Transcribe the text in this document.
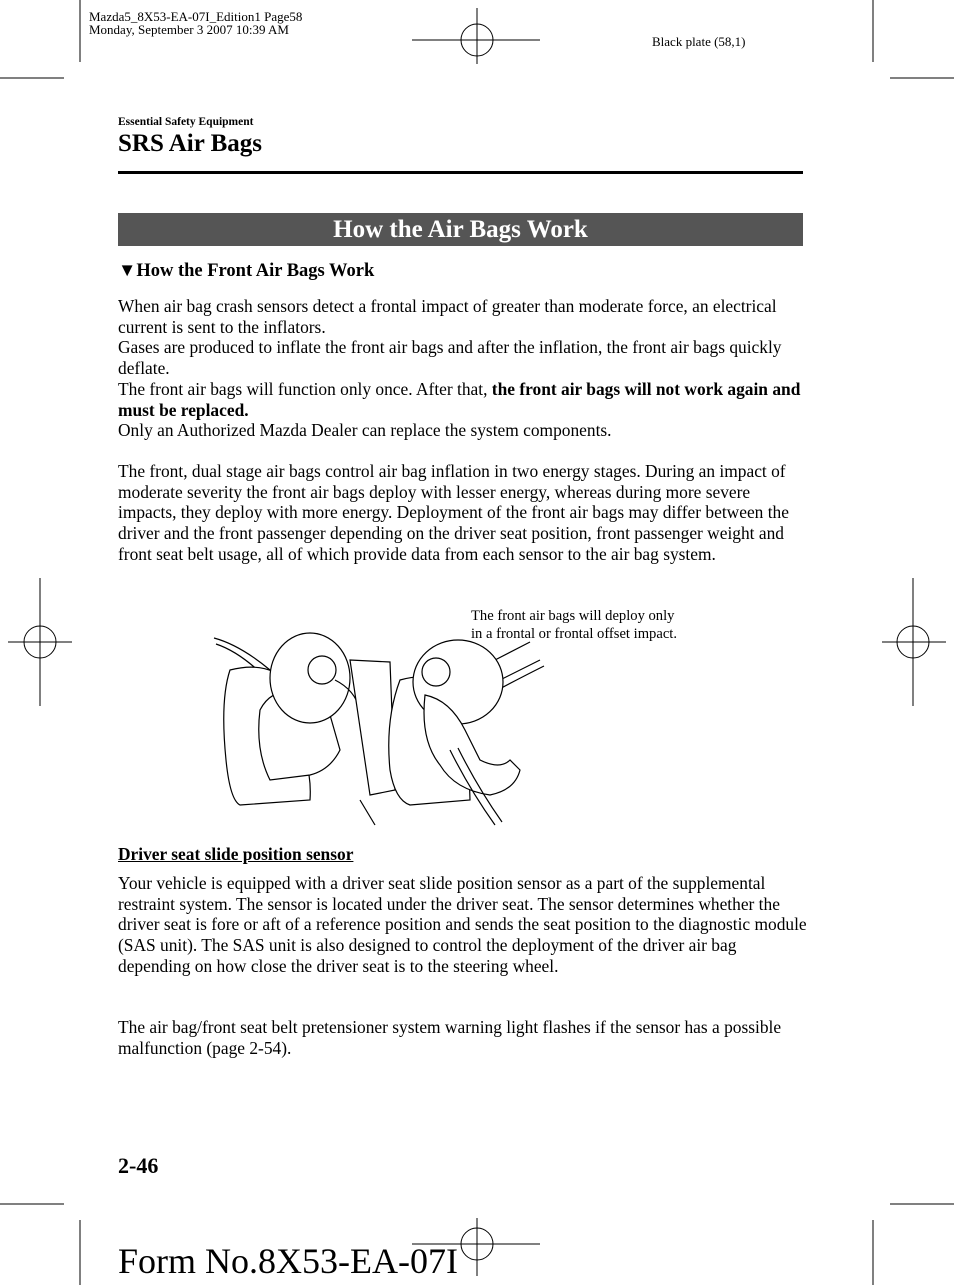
Mazda5_8X53-EA-07I_Edition1 Page58
Monday, September 3 2007 10:39 AM
Black plate (58,1)
Essential Safety Equipment
SRS Air Bags
How the Air Bags Work
▼How the Front Air Bags Work

When air bag crash sensors detect a frontal impact of greater than moderate force, an electrical current is sent to the inflators.

Gases are produced to inflate the front air bags and after the inflation, the front air bags quickly deflate.

The front air bags will function only once. After that, the front air bags will not work again and must be replaced.

Only an Authorized Mazda Dealer can replace the system components.

The front, dual stage air bags control air bag inflation in two energy stages. During an impact of moderate severity the front air bags deploy with lesser energy, whereas during more severe impacts, they deploy with more energy. Deployment of the front air bags may differ between the driver and the front passenger depending on the driver seat position, front passenger weight and front seat belt usage, all of which provide data from each sensor to the air bag system.
The front air bags will deploy only
in a frontal or frontal offset impact.
Driver seat slide position sensor
Your vehicle is equipped with a driver seat slide position sensor as a part of the supplemental restraint system. The sensor is located under the driver seat. The sensor determines whether the driver seat is fore or aft of a reference position and sends the seat position to the diagnostic module (SAS unit). The SAS unit is also designed to control the deployment of the driver air bag depending on how close the driver seat is to the steering wheel.
The air bag/front seat belt pretensioner system warning light flashes if the sensor has a possible malfunction (page 2-54).
2-46
Form No.8X53-EA-07I
